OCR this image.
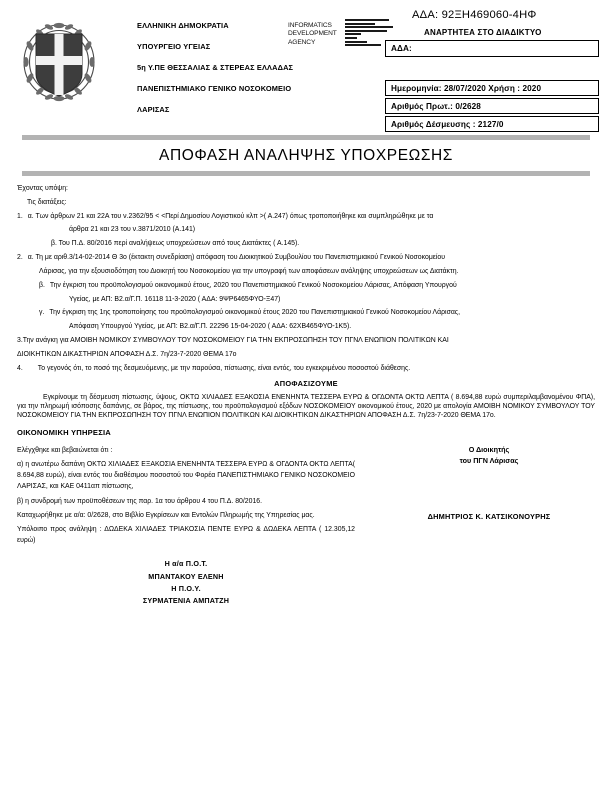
ΕΛΛΗΝΙΚΗ ΔΗΜΟΚΡΑΤΙΑ
ΥΠΟΥΡΓΕΙΟ ΥΓΕΙΑΣ
5η Υ.ΠΕ ΘΕΣΣΑΛΙΑΣ & ΣΤΕΡΕΑΣ ΕΛΛΑΔΑΣ
ΠΑΝΕΠΙΣΤΗΜΙΑΚΟ ΓΕΝΙΚΟ ΝΟΣΟΚΟΜΕΙΟ
ΛΑΡΙΣΑΣ
INFORMATICS DEVELOPMENT AGENCY
ΑΔΑ: 92ΞΗ469060-4ΗΦ
ΑΝΑΡΤΗΤΕΑ ΣΤΟ ΔΙΑΔΙΚΤΥΟ
ΑΔΑ:
Ημερομηνία: 28/07/2020 Χρήση : 2020
Αριθμός Πρωτ.: 0/2628
Αριθμός Δέσμευσης : 2127/0
ΑΠΟΦΑΣΗ ΑΝΑΛΗΨΗΣ ΥΠΟΧΡΕΩΣΗΣ

Έχοντας υπόψη:

Τις διατάξεις:

1. α. Των άρθρων 21 και 22Α του ν.2362/95 < <Περί Δημοσίου Λογιστικού κλπ >( Α.247) όπως τροποποιήθηκε και συμπληρώθηκε με τα

άρθρα 21 και 23 του ν.3871/2010 (Α.141)

β. Του Π.Δ. 80/2016 περί αναλήψεως υποχρεώσεων από τους Διατάκτες ( Α.145).

2. α. Τη με αριθ.3/14-02-2014 Θ 3ο (έκτακτη συνεδρίαση) απόφαση του Διοικητικού Συμβουλίου του Πανεπιστημιακού Γενικού Νοσοκομείου

Λάρισας, για την εξουσιοδότηση του Διοικητή του Νοσοκομείου για την υπογραφή των αποφάσεων ανάληψης υποχρεώσεων ως Διατάκτη.

β. Την έγκριση του προϋπολογισμού οικονομικού έτους, 2020 του Πανεπιστημιακού Γενικού Νοσοκομείου Λάρισας, Απόφαση Υπουργού

Υγείας, με ΑΠ: Β2.α/Γ.Π. 16118 11-3-2020 ( ΑΔΑ: 9ΨΡ6465ΦΥΟ-Ξ47)

γ. Την έγκριση της 1ης τροποποίησης του προϋπολογισμού οικονομικού έτους 2020 του Πανεπιστημιακού Γενικού Νοσοκομείου Λάρισας,

Απόφαση Υπουργού Υγείας, με ΑΠ: Β2.α/Γ.Π. 22296 15-04-2020 ( ΑΔΑ: 62ΧΒ465ΦΥΟ-1Κ5).

3.Την ανάγκη για ΑΜΟΙΒΗ ΝΟΜΙΚΟΥ ΣΥΜΒΟΥΛΟΥ ΤΟΥ ΝΟΣΟΚΟΜΕΙΟΥ ΓΙΑ ΤΗΝ ΕΚΠΡΟΣΩΠΗΣΗ ΤΟΥ ΠΓΝΛ ΕΝΩΠΙΟΝ ΠΟΛΙΤΙΚΩΝ ΚΑΙ

ΔΙΟΙΚΗΤΙΚΩΝ ΔΙΚΑΣΤΗΡΙΩΝ ΑΠΟΦΑΣΗ Δ.Σ. 7η/23-7-2020 ΘΕΜΑ 17ο

4.	Το γεγονός ότι, το ποσό της δεσμευόμενης, με την παρούσα, πίστωσης, είναι εντός, του εγκεκριμένου ποσοστού διάθεσης.
ΑΠΟΦΑΣΙΖΟΥΜΕ

Εγκρίνουμε τη δέσμευση πίστωσης, ύψους, ΟΚΤΩ ΧΙΛΙΑΔΕΣ ΕΞΑΚΟΣΙΑ ΕΝΕΝΗΝΤΑ ΤΕΣΣΕΡΑ ΕΥΡΩ & ΟΓΔΟΝΤΑ ΟΚΤΩ ΛΕΠΤΑ ( 8.694,88 ευρώ συμπεριλαμβανομένου ΦΠΑ), για την πληρωμή ισόποσης δαπάνης, σε βάρος, της πίστωσης, του προϋπολογισμού εξόδων ΝΟΣΟΚΟΜΕΙΟΥ οικονομικού έτους, 2020 με απολογία ΑΜΟΙΒΗ ΝΟΜΙΚΟΥ ΣΥΜΒΟΥΛΟΥ ΤΟΥ ΝΟΣΟΚΟΜΕΙΟΥ ΓΙΑ ΤΗΝ ΕΚΠΡΟΣΩΠΗΣΗ ΤΟΥ ΠΓΝΛ ΕΝΩΠΙΟΝ ΠΟΛΙΤΙΚΩΝ ΚΑΙ ΔΙΟΙΚΗΤΙΚΩΝ ΔΙΚΑΣΤΗΡΙΩΝ ΑΠΟΦΑΣΗ Δ.Σ. 7η/23-7-2020 ΘΕΜΑ 17ο.

ΟΙΚΟΝΟΜΙΚΗ ΥΠΗΡΕΣΙΑ

Ελέγχθηκε και βεβαιώνεται ότι :

α) η ανωτέρω δαπάνη ΟΚΤΩ ΧΙΛΙΑΔΕΣ ΕΞΑΚΟΣΙΑ ΕΝΕΝΗΝΤΑ ΤΕΣΣΕΡΑ ΕΥΡΩ & ΟΓΔΟΝΤΑ ΟΚΤΩ ΛΕΠΤΑ( 8.694,88 ευρώ), είναι εντός του διαθέσιμου ποσοστού του Φορέα ΠΑΝΕΠΙΣΤΗΜΙΑΚΟ ΓΕΝΙΚΟ ΝΟΣΟΚΟΜΕΙΟ ΛΑΡΙΣΑΣ, και ΚΑΕ 0411απ πίστωσης,

β) η συνδρομή των προϋποθέσεων της παρ. 1α του άρθρου 4 του Π.Δ. 80/2016.

Καταχωρήθηκε με α/α: 0/2628, στο Βιβλίο Εγκρίσεων και Εντολών Πληρωμής της Υπηρεσίας μας.

Υπόλοιπο προς ανάληψη : ΔΩΔΕΚΑ ΧΙΛΙΑΔΕΣ ΤΡΙΑΚΟΣΙΑ ΠΕΝΤΕ ΕΥΡΩ & ΔΩΔΕΚΑ ΛΕΠΤΑ ( 12.305,12 ευρώ)

Ο Διοικητής
του ΠΓΝ Λάρισας
ΔΗΜΗΤΡΙΟΣ Κ. ΚΑΤΣΙΚΟΝΟΥΡΗΣ
Η α/α Π.Ο.Τ.
ΜΠΑΝΤΑΚΟΥ ΕΛΕΝΗ
Η Π.Ο.Υ.
ΣΥΡΜΑΤΕΝΙΑ ΑΜΠΑΤΖΗ
